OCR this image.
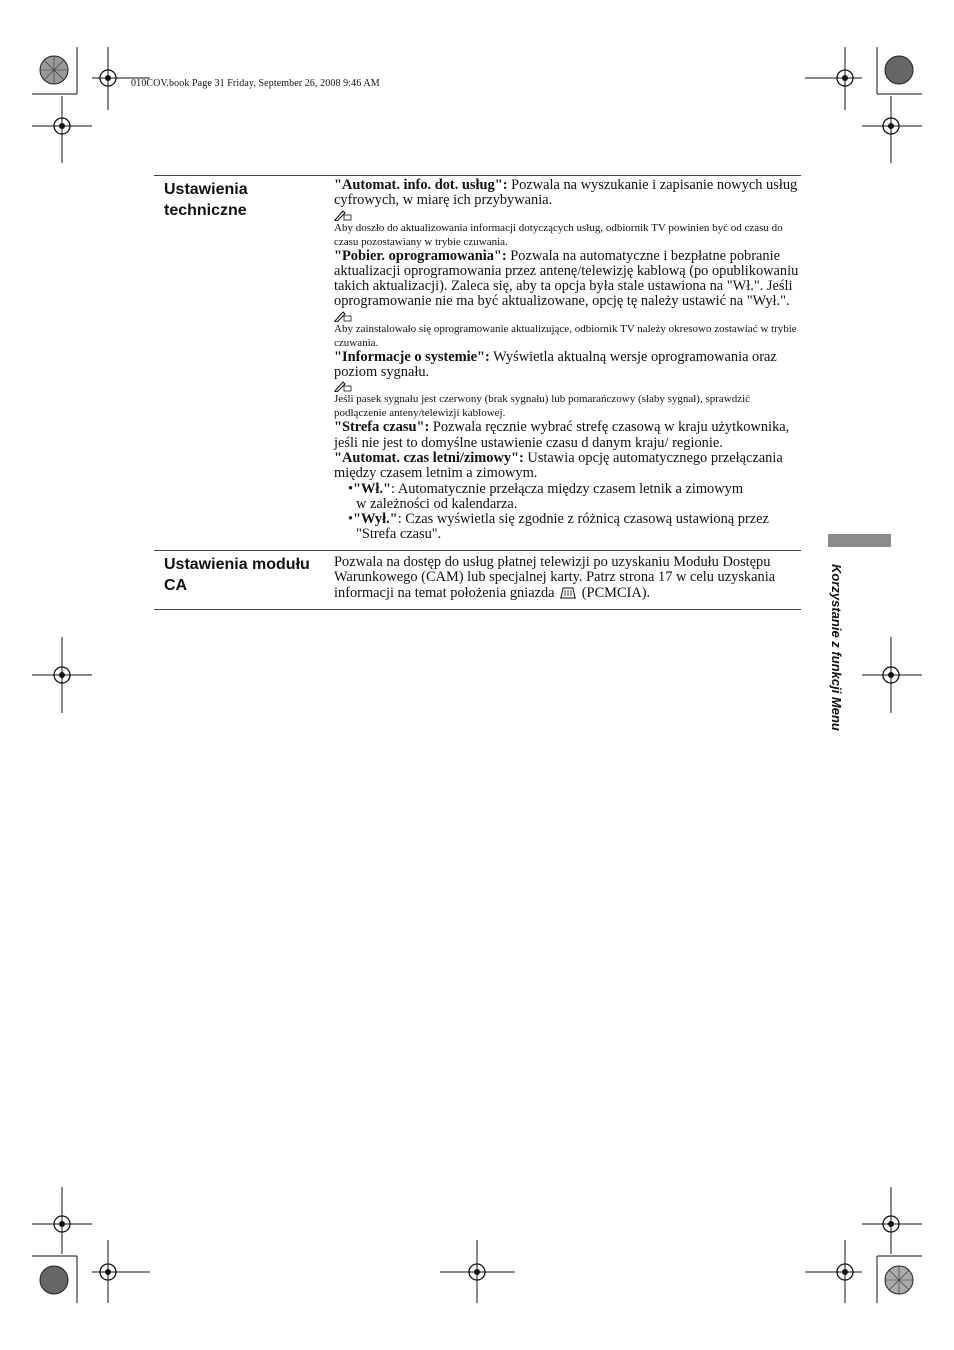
010COV.book Page 31 Friday, September 26, 2008 9:46 AM
Ustawienia techniczne

"Automat. info. dot. usług": Pozwala na wyszukanie i zapisanie nowych usług cyfrowych, w miarę ich przybywania.

Aby doszło do aktualizowania informacji dotyczących usług, odbiornik TV powinien być od czasu do czasu pozostawiany w trybie czuwania.

"Pobier. oprogramowania": Pozwala na automatyczne i bezpłatne pobranie aktualizacji oprogramowania przez antenę/telewizję kablową (po opublikowaniu takich aktualizacji). Zaleca się, aby ta opcja była stale ustawiona na "Wł.". Jeśli oprogramowanie nie ma być aktualizowane, opcję tę należy ustawić na "Wył.".

Aby zainstalowało się oprogramowanie aktualizujące, odbiornik TV należy okresowo zostawiać w trybie czuwania.

"Informacje o systemie": Wyświetla aktualną wersje oprogramowania oraz poziom sygnału.

Jeśli pasek sygnału jest czerwony (brak sygnału) lub pomarańczowy (słaby sygnał), sprawdzić podłączenie anteny/telewizji kablowej.

"Strefa czasu": Pozwala ręcznie wybrać strefę czasową w kraju użytkownika, jeśli nie jest to domyślne ustawienie czasu d danym kraju/ regionie.

"Automat. czas letni/zimowy": Ustawia opcję automatycznego przełączania między czasem letnim a zimowym.

•"Wł.": Automatycznie przełącza między czasem letnik a zimowym
w zależności od kalendarza.

•"Wył.": Czas wyświetla się zgodnie z różnicą czasową ustawioną przez
"Strefa czasu".

Ustawienia modułu CA

Pozwala na dostęp do usług płatnej telewizji po uzyskaniu Modułu Dostępu Warunkowego (CAM) lub specjalnej karty. Patrz strona 17 w celu uzyskania informacji na temat położenia gniazda  (PCMCIA).	Korzystanie z funkcji Menu
